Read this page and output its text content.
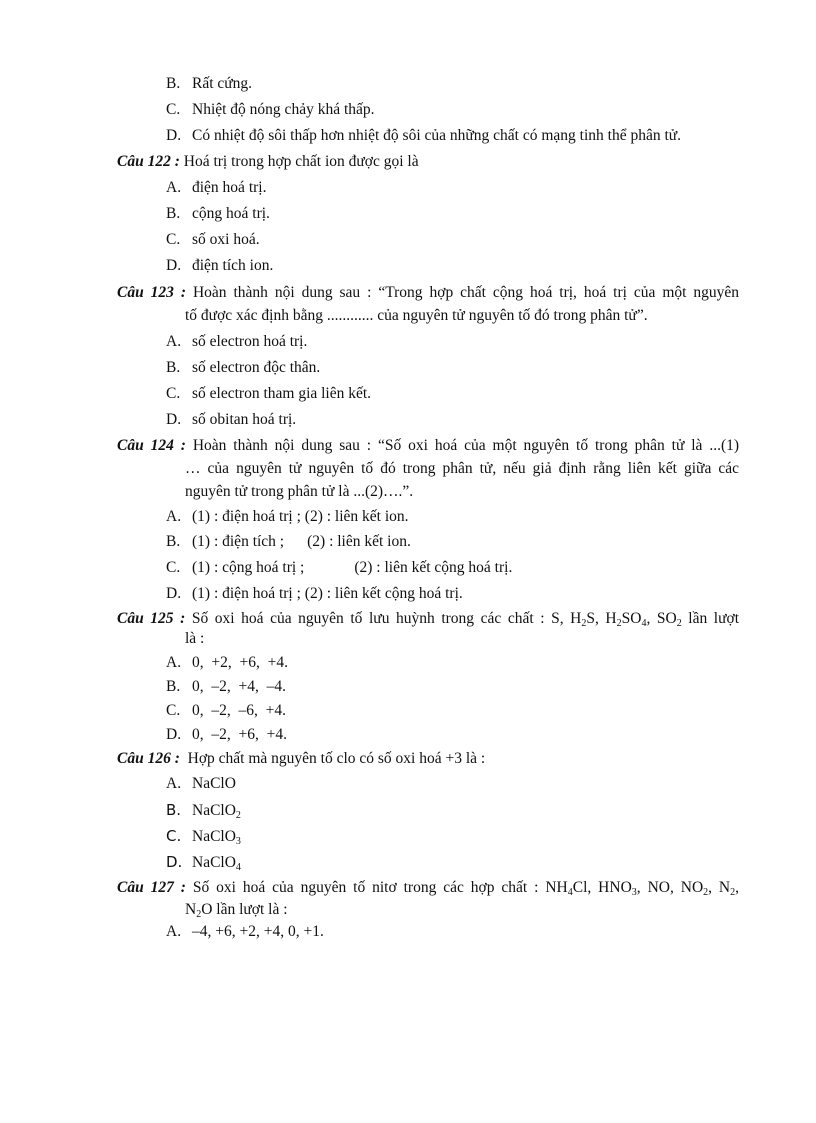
B. Rất cứng.
C. Nhiệt độ nóng chảy khá thấp.
D. Có nhiệt độ sôi thấp hơn nhiệt độ sôi của những chất có mạng tinh thể phân tử.
Câu 122 : Hoá trị trong hợp chất ion được gọi là
A. điện hoá trị.
B. cộng hoá trị.
C. số oxi hoá.
D. điện tích ion.
Câu 123 : Hoàn thành nội dung sau : “Trong hợp chất cộng hoá trị, hoá trị của một nguyên
tố được xác định bằng ............ của nguyên tử nguyên tố đó trong phân tử”.
A. số electron hoá trị.
B. số electron độc thân.
C. số electron tham gia liên kết.
D. số obitan hoá trị.
Câu 124 : Hoàn thành nội dung sau : “Số oxi hoá của một nguyên tố trong phân tử là ...(1)
… của nguyên tử nguyên tố đó trong phân tử, nếu giả định rằng liên kết giữa các
nguyên tử trong phân tử là ...(2)….”.
A. (1) : điện hoá trị ; (2) : liên kết ion.
B. (1) : điện tích ; (2) : liên kết ion.
C. (1) : cộng hoá trị ;	(2) : liên kết cộng hoá trị.
D. (1) : điện hoá trị ; (2) : liên kết cộng hoá trị.
Câu 125 : Số oxi hoá của nguyên tố lưu huỳnh trong các chất : S, $H_2S$, $H_2SO_4$, $SO_2$ lần lượt
là :
A. 0,  +2,  +6,  +4.
B. 0,  –2,  +4,  –4.
C. 0,  –2,  –6,  +4.
D. 0,  –2,  +6,  +4.
Câu 126 : Hợp chất mà nguyên tố clo có số oxi hoá +3 là :
A. NaClO
B. NaClO$_2$
C. NaClO$_3$
D. NaClO$_4$
Câu 127 : Số oxi hoá của nguyên tố nitơ trong các hợp chất : $NH_4Cl$, $HNO_3$, NO, $NO_2$, $N_2$,
$N_2O$ lần lượt là :
A. –4, +6, +2, +4, 0, +1.
